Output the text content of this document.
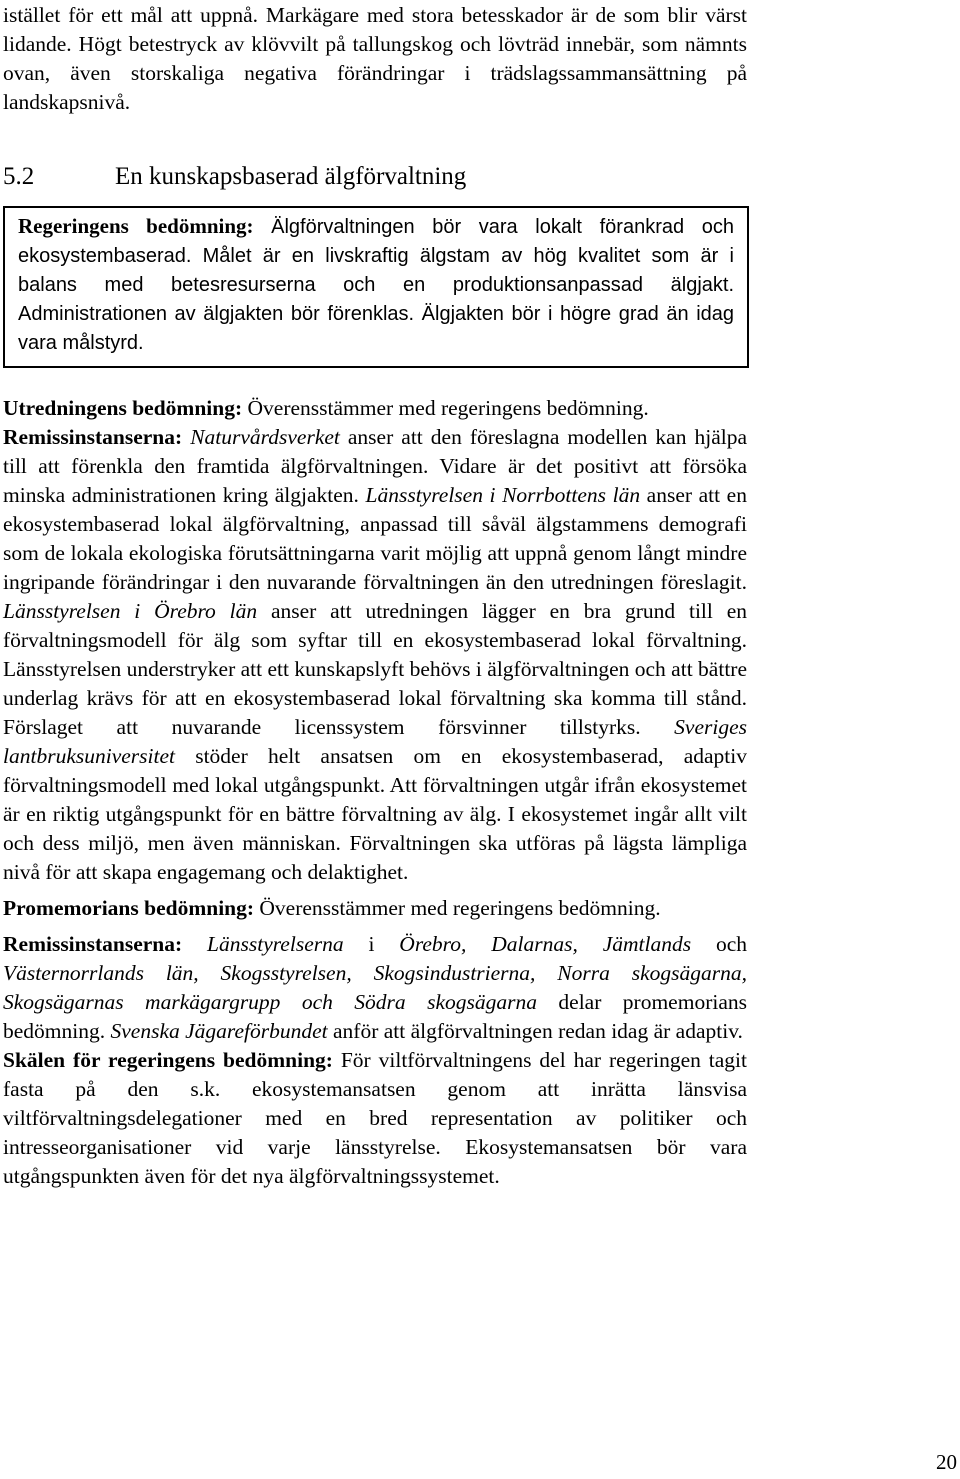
istället för ett mål att uppnå. Markägare med stora betesskador är de som blir värst lidande. Högt betestryck av klövvilt på tallungskog och lövträd innebär, som nämnts ovan, även storskaliga negativa förändringar i trädslagssammansättning på landskapsnivå.

5.2	En kunskapsbaserad älgförvaltning

Regeringens bedömning: Älgförvaltningen bör vara lokalt förankrad och ekosystembaserad. Målet är en livskraftig älgstam av hög kvalitet som är i balans med betesresurserna och en produktionsanpassad älgjakt. Administrationen av älgjakten bör förenklas. Älgjakten bör i högre grad än idag vara målstyrd.

Utredningens bedömning: Överensstämmer med regeringens bedömning.

Remissinstanserna: Naturvårdsverket anser att den föreslagna modellen kan hjälpa till att förenkla den framtida älgförvaltningen. Vidare är det positivt att försöka minska administrationen kring älgjakten. Länsstyrelsen i Norrbottens län anser att en ekosystembaserad lokal älgförvaltning, anpassad till såväl älgstammens demografi som de lokala ekologiska förutsättningarna varit möjlig att uppnå genom långt mindre ingripande förändringar i den nuvarande förvaltningen än den utredningen föreslagit. Länsstyrelsen i Örebro län anser att utredningen lägger en bra grund till en förvaltningsmodell för älg som syftar till en ekosystembaserad lokal förvaltning. Länsstyrelsen understryker att ett kunskapslyft behövs i älgförvaltningen och att bättre underlag krävs för att en ekosystembaserad lokal förvaltning ska komma till stånd. Förslaget att nuvarande licenssystem försvinner tillstyrks. Sveriges lantbruksuniversitet stöder helt ansatsen om en ekosystembaserad, adaptiv förvaltningsmodell med lokal utgångspunkt. Att förvaltningen utgår ifrån ekosystemet är en riktig utgångspunkt för en bättre förvaltning av älg. I ekosystemet ingår allt vilt och dess miljö, men även människan. Förvaltningen ska utföras på lägsta lämpliga nivå för att skapa engagemang och delaktighet.

Promemorians bedömning: Överensstämmer med regeringens bedömning.

Remissinstanserna: Länsstyrelserna i Örebro, Dalarnas, Jämtlands och Västernorrlands län, Skogsstyrelsen, Skogsindustrierna, Norra skogsägarna, Skogsägarnas markägargrupp och Södra skogsägarna delar promemorians bedömning. Svenska Jägareförbundet anför att älgförvaltningen redan idag är adaptiv.

Skälen för regeringens bedömning: För viltförvaltningens del har regeringen tagit fasta på den s.k. ekosystemansatsen genom att inrätta länsvisa viltförvaltningsdelegationer med en bred representation av politiker och intresseorganisationer vid varje länsstyrelse. Ekosystemansatsen bör vara utgångspunkten även för det nya älgförvaltningssystemet.

20
